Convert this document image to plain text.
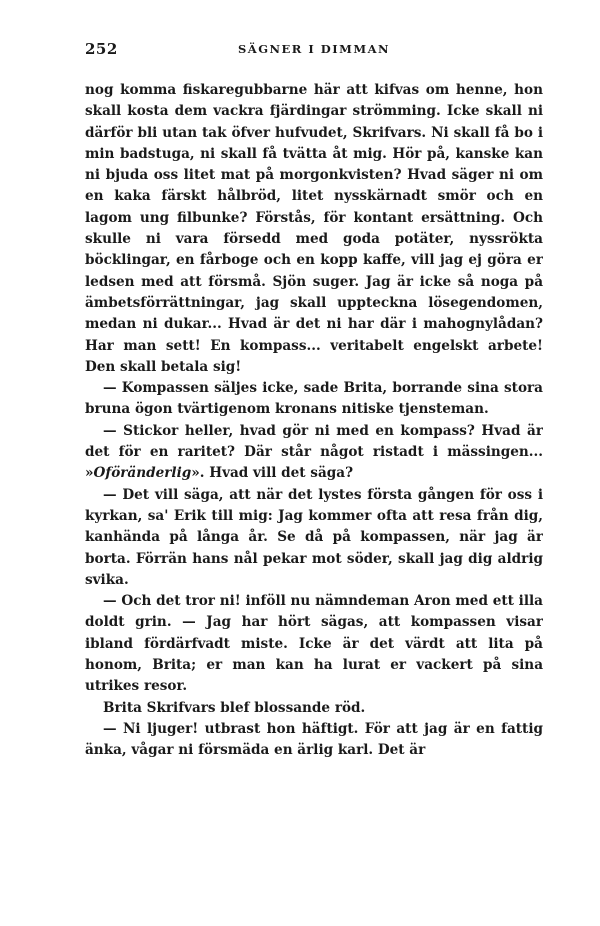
252	SÄGNER I DIMMAN

nog komma fiskaregubbarne här att kifvas om henne, hon skall kosta dem vackra fjärdingar strömming. Icke skall ni därför bli utan tak öfver hufvudet, Skrifvars. Ni skall få bo i min badstuga, ni skall få tvätta åt mig. Hör på, kanske kan ni bjuda oss litet mat på morgonkvisten? Hvad säger ni om en kaka färskt hålbröd, litet nysskärnadt smör och en lagom ung filbunke? Förstås, för kontant ersättning. Och skulle ni vara försedd med goda potäter, nyssrökta böcklingar, en fårboge och en kopp kaffe, vill jag ej göra er ledsen med att försmå. Sjön suger. Jag är icke så noga på ämbetsförrättningar, jag skall uppteckna lösegendomen, medan ni dukar... Hvad är det ni har där i mahognylådan? Har man sett! En kompass... veritabelt engelskt arbete! Den skall betala sig!

— Kompassen säljes icke, sade Brita, borrande sina stora bruna ögon tvärtigenom kronans nitiske tjensteman.

— Stickor heller, hvad gör ni med en kompass? Hvad är det för en raritet? Där står något ristadt i mässingen... »Oföränderlig». Hvad vill det säga?

— Det vill säga, att när det lystes första gången för oss i kyrkan, sa' Erik till mig: Jag kommer ofta att resa från dig, kanhända på långa år. Se då på kompassen, när jag är borta. Förrän hans nål pekar mot söder, skall jag dig aldrig svika.

— Och det tror ni! inföll nu nämndeman Aron med ett illa doldt grin. — Jag har hört sägas, att kompassen visar ibland fördärfvadt miste. Icke är det värdt att lita på honom, Brita; er man kan ha lurat er vackert på sina utrikes resor.

Brita Skrifvars blef blossande röd.

— Ni ljuger! utbrast hon häftigt. För att jag är en fattig änka, vågar ni försmäda en ärlig karl. Det är
